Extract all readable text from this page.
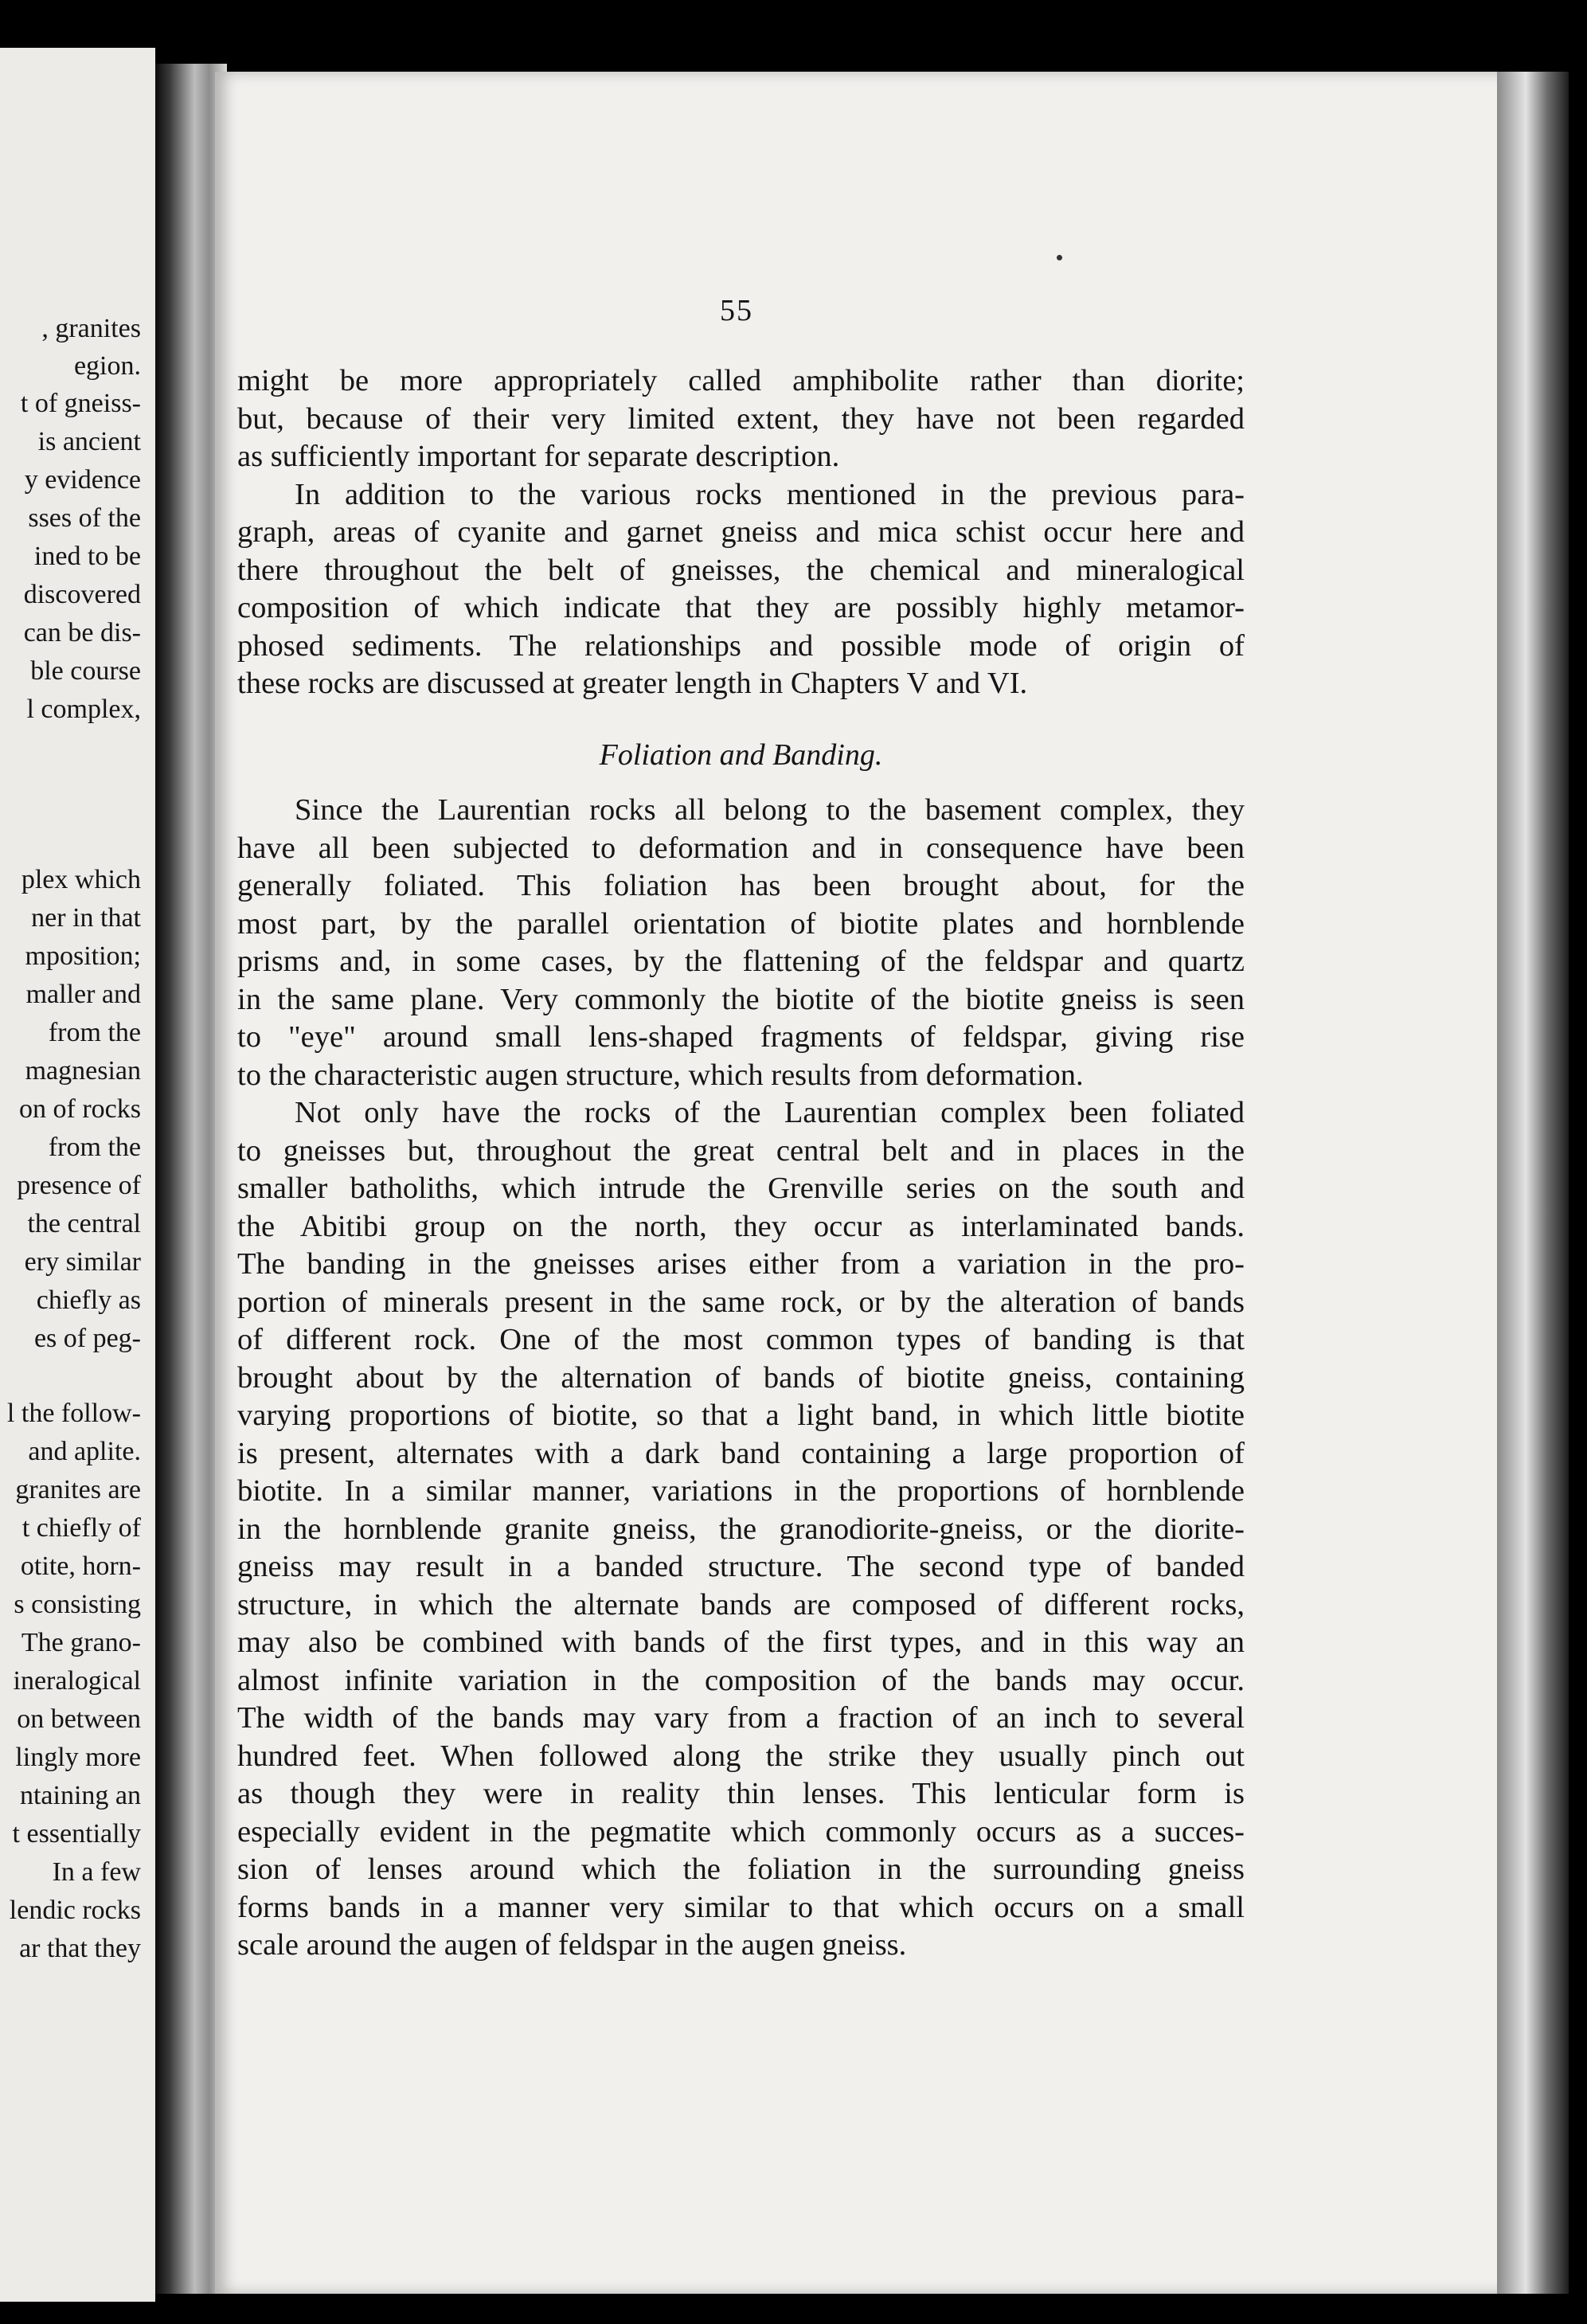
, granites
egion.
t of gneiss-
is ancient
y evidence
sses of the
ined to be
discovered
can be dis-
ble course
l complex,
plex which
ner in that
mposition;
maller and
from the
magnesian
on of rocks
from the
presence of
the central
ery similar
chiefly as
es of peg-
l the follow-
and aplite.
granites are
t chiefly of
otite, horn-
s consisting
The grano-
ineralogical
on between
lingly more
ntaining an
t essentially
In a few
lendic rocks
ar that they
55
might be more appropriately called amphibolite rather than diorite;
but, because of their very limited extent, they have not been regarded
as sufficiently important for separate description.
In addition to the various rocks mentioned in the previous para-
graph, areas of cyanite and garnet gneiss and mica schist occur here and
there throughout the belt of gneisses, the chemical and mineralogical
composition of which indicate that they are possibly highly metamor-
phosed sediments. The relationships and possible mode of origin of
these rocks are discussed at greater length in Chapters V and VI.
Foliation and Banding.
Since the Laurentian rocks all belong to the basement complex, they
have all been subjected to deformation and in consequence have been
generally foliated. This foliation has been brought about, for the
most part, by the parallel orientation of biotite plates and hornblende
prisms and, in some cases, by the flattening of the feldspar and quartz
in the same plane. Very commonly the biotite of the biotite gneiss is seen
to "eye" around small lens-shaped fragments of feldspar, giving rise
to the characteristic augen structure, which results from deformation.
Not only have the rocks of the Laurentian complex been foliated
to gneisses but, throughout the great central belt and in places in the
smaller batholiths, which intrude the Grenville series on the south and
the Abitibi group on the north, they occur as interlaminated bands.
The banding in the gneisses arises either from a variation in the pro-
portion of minerals present in the same rock, or by the alteration of bands
of different rock. One of the most common types of banding is that
brought about by the alternation of bands of biotite gneiss, containing
varying proportions of biotite, so that a light band, in which little biotite
is present, alternates with a dark band containing a large proportion of
biotite. In a similar manner, variations in the proportions of hornblende
in the hornblende granite gneiss, the granodiorite-gneiss, or the diorite-
gneiss may result in a banded structure. The second type of banded
structure, in which the alternate bands are composed of different rocks,
may also be combined with bands of the first types, and in this way an
almost infinite variation in the composition of the bands may occur.
The width of the bands may vary from a fraction of an inch to several
hundred feet. When followed along the strike they usually pinch out
as though they were in reality thin lenses. This lenticular form is
especially evident in the pegmatite which commonly occurs as a succes-
sion of lenses around which the foliation in the surrounding gneiss
forms bands in a manner very similar to that which occurs on a small
scale around the augen of feldspar in the augen gneiss.
